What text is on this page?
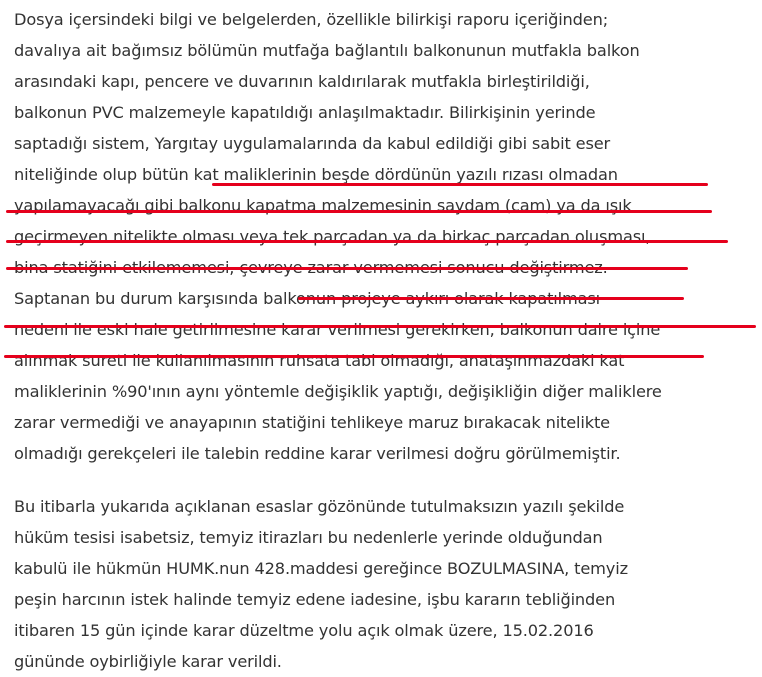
Dosya içersindeki bilgi ve belgelerden, özellikle bilirkişi raporu içeriğinden;
davalıya ait bağımsız bölümün mutfağa bağlantılı balkonunun mutfakla balkon
arasındaki kapı, pencere ve duvarının kaldırılarak mutfakla birleştirildiği,
balkonun PVC malzemeyle kapatıldığı anlaşılmaktadır. Bilirkişinin yerinde
saptadığı sistem, Yargıtay uygulamalarında da kabul edildiği gibi sabit eser
niteliğinde olup bütün kat maliklerinin beşde dördünün yazılı rızası olmadan
yapılamayacağı gibi balkonu kapatma malzemesinin saydam (cam) ya da ışık
geçirmeyen nitelikte olması veya tek parçadan ya da birkaç parçadan oluşması,
bina statiğini etkilememesi, çevreye zarar vermemesi sonucu değiştirmez.
Saptanan bu durum karşısında balkonun projeye aykırı olarak kapatılması
nedeni ile eski hale getirilmesine karar verilmesi gerekirken, balkonun daire içine
alınmak sureti ile kullanılmasının ruhsata tabi olmadığı, anataşınmazdaki kat
maliklerinin %90'ının aynı yöntemle değişiklik yaptığı, değişikliğin diğer maliklere
zarar vermediği ve anayapının statiğini tehlikeye maruz bırakacak nitelikte
olmadığı gerekçeleri ile talebin reddine karar verilmesi doğru görülmemiştir.
Bu itibarla yukarıda açıklanan esaslar gözönünde tutulmaksızın yazılı şekilde
hüküm tesisi isabetsiz, temyiz itirazları bu nedenlerle yerinde olduğundan
kabulü ile hükmün HUMK.nun 428.maddesi gereğince BOZULMASINA, temyiz
peşin harcının istek halinde temyiz edene iadesine, işbu kararın tebliğinden
itibaren 15 gün içinde karar düzeltme yolu açık olmak üzere, 15.02.2016
gününde oybirliğiyle karar verildi.
